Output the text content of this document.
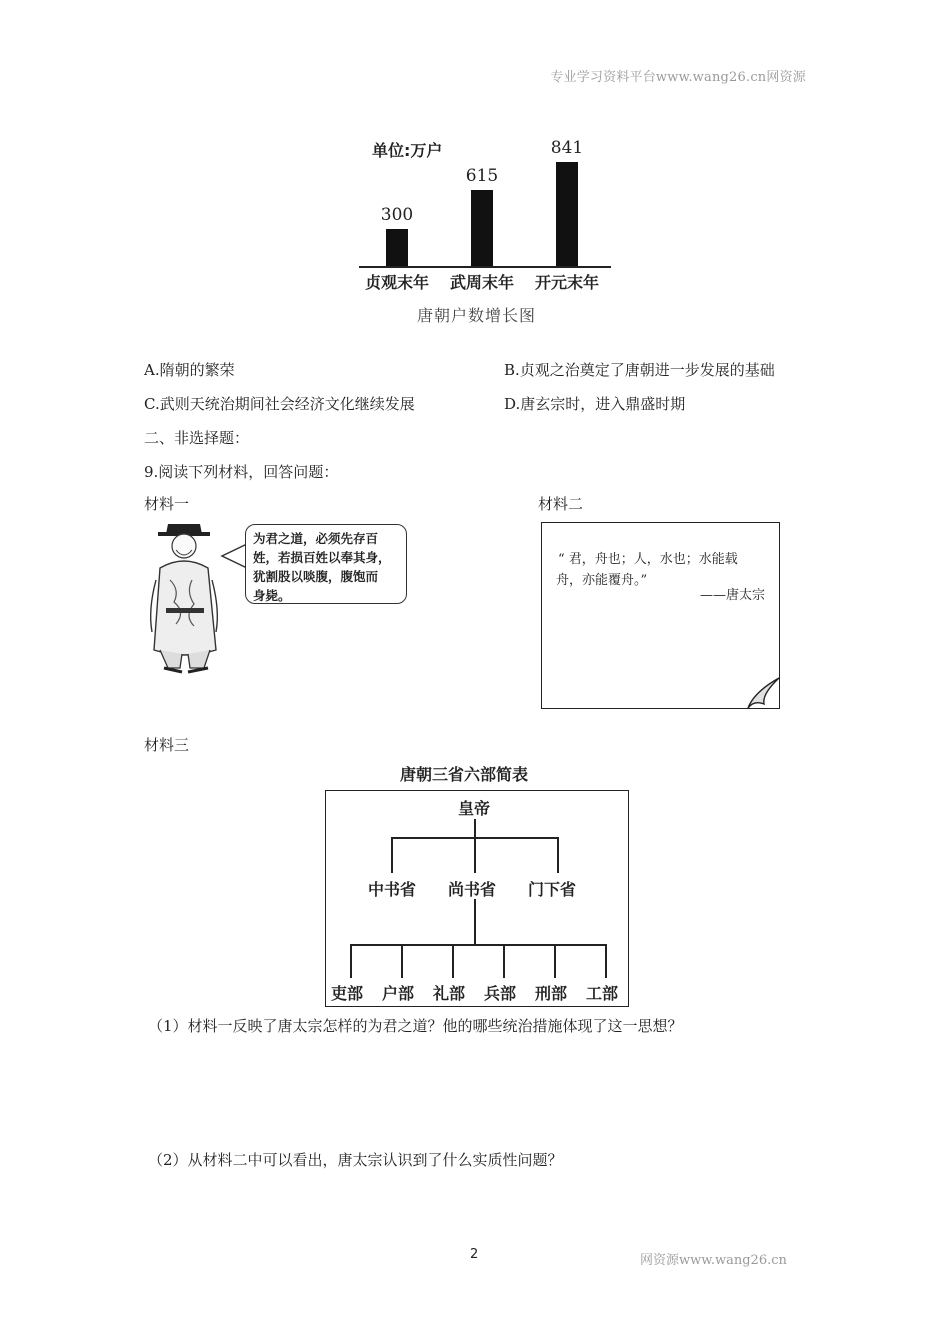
专业学习资料平台www.wang26.cn网资源
2	网资源www.wang26.cn
单位:万户
300
贞观末年
615
武周末年
841
开元末年
唐朝户数增长图
A.隋朝的繁荣	B.贞观之治奠定了唐朝进一步发展的基础
C.武则天统治期间社会经济文化继续发展	D.唐玄宗时，进入鼎盛时期
二、非选择题：
9.阅读下列材料，回答问题：
材料一
为君之道，必须先存百
姓，若损百姓以奉其身，
犹割股以啖腹，腹饱而
身毙。
材料二
“ 君，舟也；人，水也；水能载
舟，亦能覆舟。”
——唐太宗
材料三
唐朝三省六部简表
皇帝
中书省 尚书省 门下省
吏部 户部 礼部 兵部 刑部 工部
（1）材料一反映了唐太宗怎样的为君之道？他的哪些统治措施体现了这一思想？
（2）从材料二中可以看出，唐太宗认识到了什么实质性问题？
